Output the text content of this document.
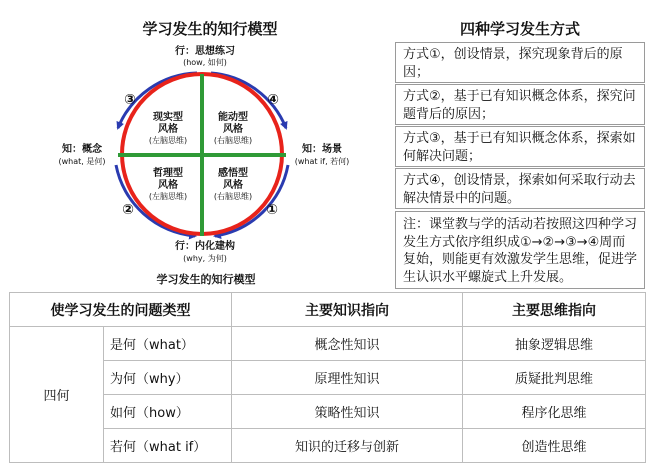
学习发生的知行模型	四种学习发生方式
现实型
风格
(左脑思维)
能动型
风格
(右脑思维)
哲理型
风格
(左脑思维)
感悟型
风格
(右脑思维)
行：思想练习
(how, 如何)
知：概念
(what, 是何)
知：场景
(what if, 若何)
行：内化建构
(why, 为何)
③	④
②	①
学习发生的知行模型
方式①，创设情景，探究现象背后的原因；
方式②，基于已有知识概念体系，探究问题背后的原因；
方式③，基于已有知识概念体系，探索如何解决问题；
方式④，创设情景，探索如何采取行动去解决情景中的问题。
注：课堂教与学的活动若按照这四种学习发生方式依序组织成①→②→③→④周而复始，则能更有效激发学生思维，促进学生认识水平螺旋式上升发展。
使学习发生的问题类型		主要知识指向	主要思维指向
四何	是何（what）	概念性知识	抽象逻辑思维
	为何（why）	原理性知识	质疑批判思维
	如何（how）	策略性知识	程序化思维
	若何（what if）	知识的迁移与创新	创造性思维
